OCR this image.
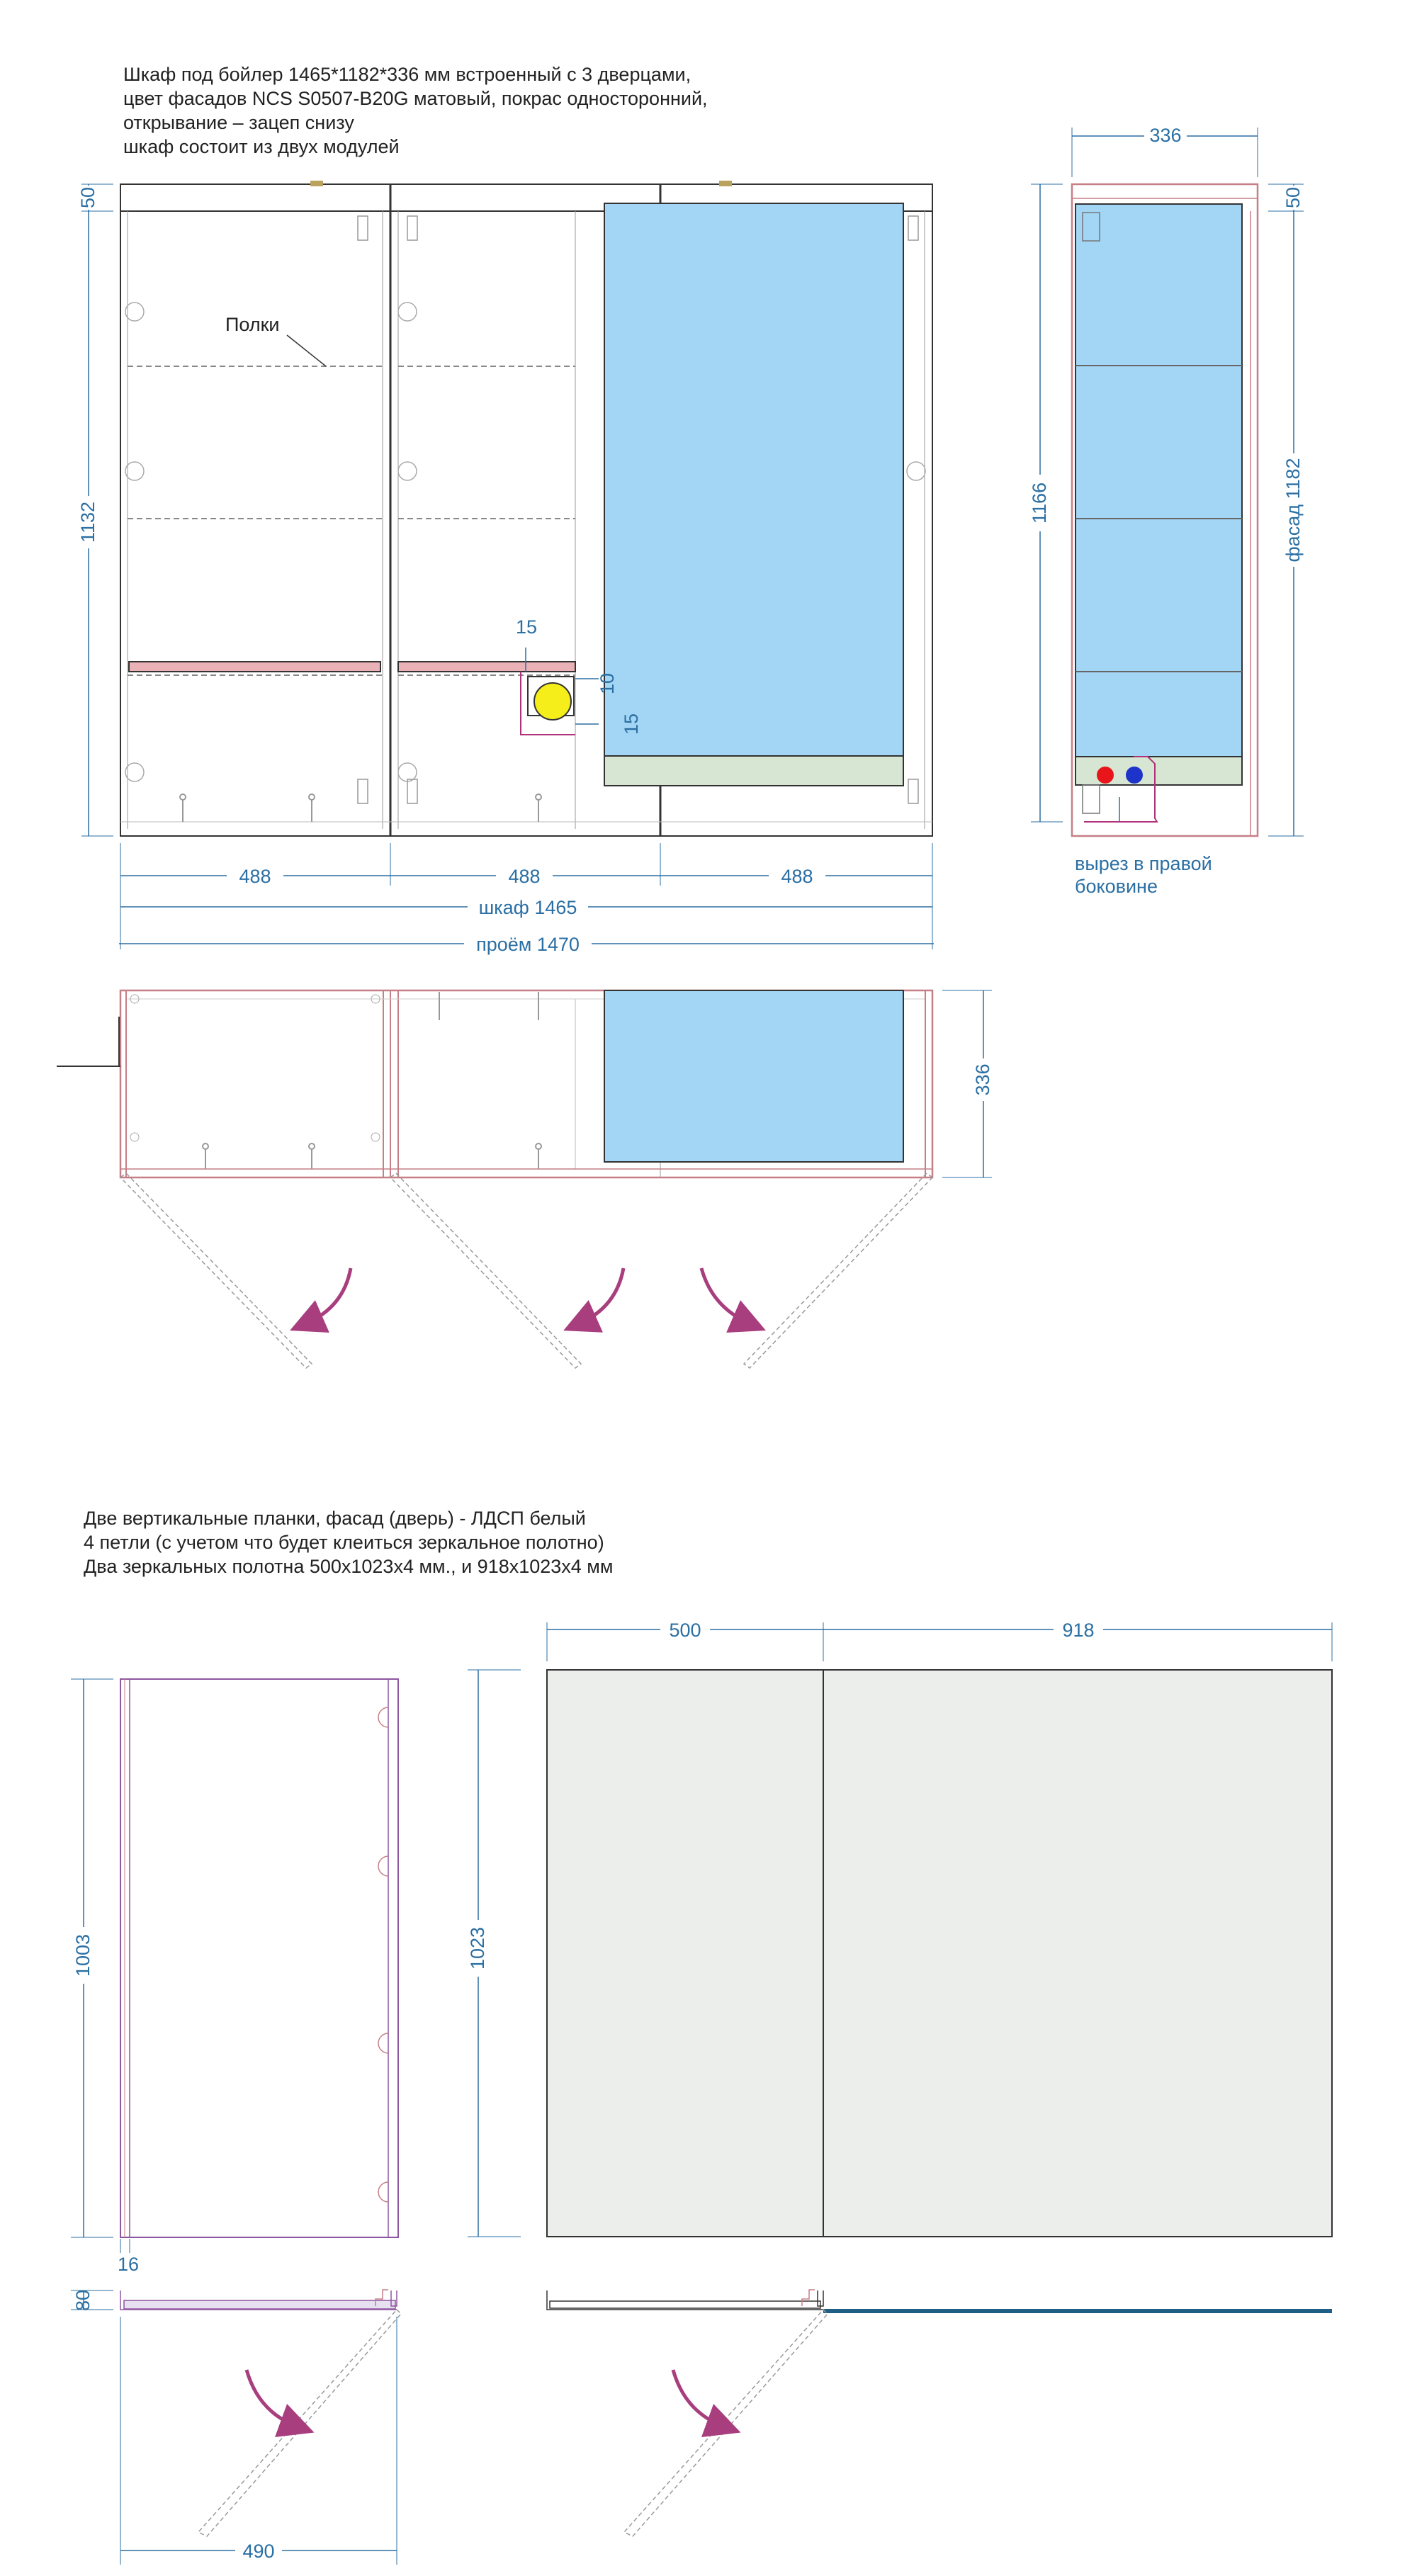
Шкаф под бойлер 1465*1182*336 мм встроенный с 3 дверцами,
цвет фасадов NCS S0507-B20G матовый, покрас односторонний,
открывание – зацеп снизу
шкаф состоит из двух модулей
Две вертикальные планки, фасад (дверь) - ЛДСП белый
4 петли (с учетом что будет клеиться зеркальное полотно)
Два зеркальных полотна 500х1023х4 мм., и 918х1023х4 мм
15
10
15
Полки
50
1132
488	488	488
шкаф 1465
проём 1470
вырез в правой
боковине
336
1166
50
фасад 1182
336
1003
16
80
490
500	918
1023
